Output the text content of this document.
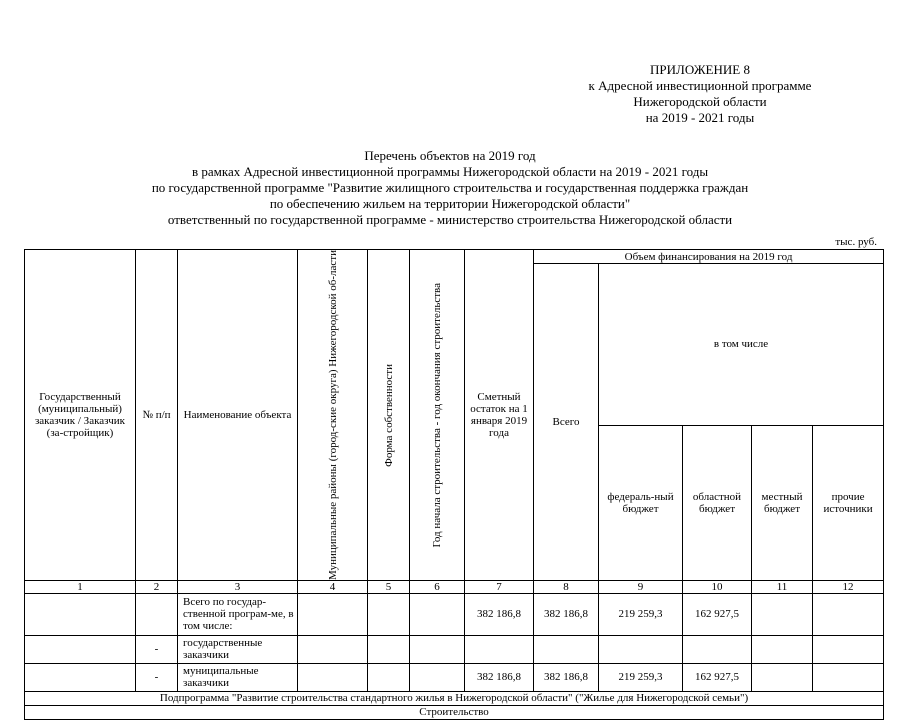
ПРИЛОЖЕНИЕ 8
к Адресной инвестиционной программе
Нижегородской области
на 2019 - 2021 годы
Перечень объектов на 2019 год
в рамках Адресной инвестиционной программы Нижегородской области на 2019 - 2021 годы
по государственной программе "Развитие жилищного строительства и государственная поддержка граждан
по обеспечению жильем на территории Нижегородской области"
ответственный по государственной программе - министерство строительства Нижегородской области
тыс. руб.
Государственный (муниципальный) заказчик / Заказчик (за-стройщик)	№ п/п	Наименование объекта	Муниципальные районы (город-ские округа) Нижегородской об-ласти	Форма собственности	Год начала строительства - год окончания строительства	Сметный остаток на 1 января 2019 года	Объем финансирования на 2019 год				
							Всего	в том числе			
								федераль-ный бюджет	областной бюджет	местный бюджет	прочие источники
1	2	3	4	5	6	7	8	9	10	11	12
		Всего по государ-ственной програм-ме, в том числе:				382 186,8	382 186,8	219 259,3	162 927,5		
	-	государственные заказчики									
	-	муниципальные заказчики				382 186,8	382 186,8	219 259,3	162 927,5		
Подпрограмма "Развитие строительства стандартного жилья в Нижегородской области" ("Жилье для Нижегородской семьи")											
Строительство											
